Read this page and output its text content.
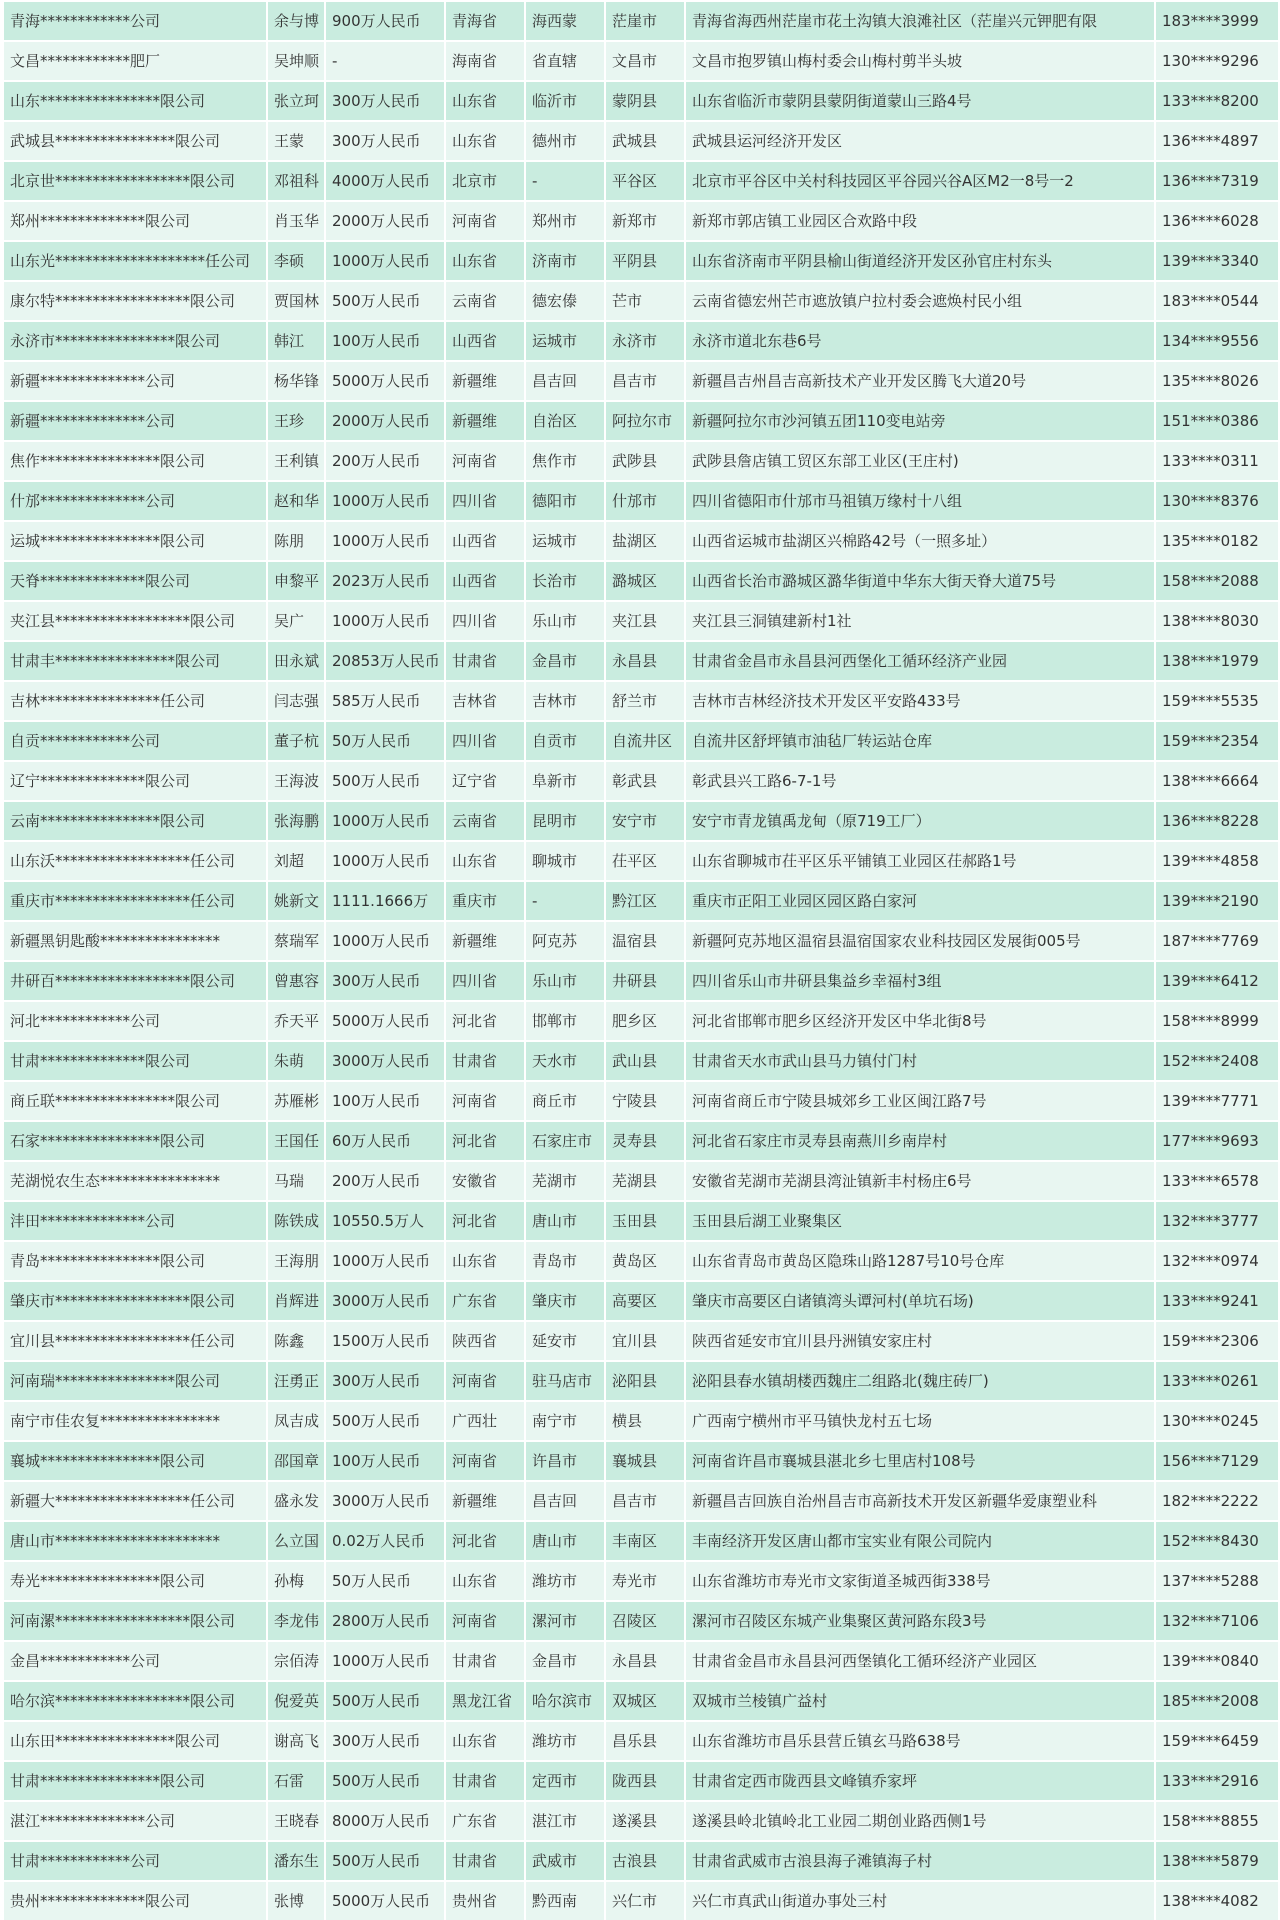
青海************公司	余与博	900万人民币	青海省	海西蒙	茫崖市	青海省海西州茫崖市花土沟镇大浪滩社区（茫崖兴元钾肥有限	183****3999
文昌************肥厂	吴坤顺	-	海南省	省直辖	文昌市	文昌市抱罗镇山梅村委会山梅村剪半头坡	130****9296
山东****************限公司	张立珂	300万人民币	山东省	临沂市	蒙阴县	山东省临沂市蒙阴县蒙阴街道蒙山三路4号	133****8200
武城县****************限公司	王蒙	300万人民币	山东省	德州市	武城县	武城县运河经济开发区	136****4897
北京世******************限公司	邓祖科	4000万人民币	北京市	-	平谷区	北京市平谷区中关村科技园区平谷园兴谷A区M2一8号一2	136****7319
郑州**************限公司	肖玉华	2000万人民币	河南省	郑州市	新郑市	新郑市郭店镇工业园区合欢路中段	136****6028
山东光********************任公司	李硕	1000万人民币	山东省	济南市	平阴县	山东省济南市平阴县榆山街道经济开发区孙官庄村东头	139****3340
康尔特******************限公司	贾国林	500万人民币	云南省	德宏傣	芒市	云南省德宏州芒市遮放镇户拉村委会遮焕村民小组	183****0544
永济市****************限公司	韩江	100万人民币	山西省	运城市	永济市	永济市道北东巷6号	134****9556
新疆**************公司	杨华锋	5000万人民币	新疆维	昌吉回	昌吉市	新疆昌吉州昌吉高新技术产业开发区腾飞大道20号	135****8026
新疆**************公司	王珍	2000万人民币	新疆维	自治区	阿拉尔市	新疆阿拉尔市沙河镇五团110变电站旁	151****0386
焦作****************限公司	王利镇	200万人民币	河南省	焦作市	武陟县	武陟县詹店镇工贸区东部工业区(王庄村)	133****0311
什邡**************公司	赵和华	1000万人民币	四川省	德阳市	什邡市	四川省德阳市什邡市马祖镇万缘村十八组	130****8376
运城****************限公司	陈朋	1000万人民币	山西省	运城市	盐湖区	山西省运城市盐湖区兴棉路42号（一照多址）	135****0182
天脊**************限公司	申黎平	2023万人民币	山西省	长治市	潞城区	山西省长治市潞城区潞华街道中华东大街天脊大道75号	158****2088
夹江县******************限公司	吴广	1000万人民币	四川省	乐山市	夹江县	夹江县三洞镇建新村1社	138****8030
甘肃丰****************限公司	田永斌	20853万人民币	甘肃省	金昌市	永昌县	甘肃省金昌市永昌县河西堡化工循环经济产业园	138****1979
吉林****************任公司	闫志强	585万人民币	吉林省	吉林市	舒兰市	吉林市吉林经济技术开发区平安路433号	159****5535
自贡************公司	董子杭	50万人民币	四川省	自贡市	自流井区	自流井区舒坪镇市油毡厂转运站仓库	159****2354
辽宁**************限公司	王海波	500万人民币	辽宁省	阜新市	彰武县	彰武县兴工路6-7-1号	138****6664
云南****************限公司	张海鹏	1000万人民币	云南省	昆明市	安宁市	安宁市青龙镇禹龙甸（原719工厂）	136****8228
山东沃******************任公司	刘超	1000万人民币	山东省	聊城市	茌平区	山东省聊城市茌平区乐平铺镇工业园区茌郝路1号	139****4858
重庆市******************任公司	姚新文	1111.1666万	重庆市	-	黔江区	重庆市正阳工业园区园区路白家河	139****2190
新疆黑钥匙酸****************	蔡瑞军	1000万人民币	新疆维	阿克苏	温宿县	新疆阿克苏地区温宿县温宿国家农业科技园区发展街005号	187****7769
井研百******************限公司	曾惠容	300万人民币	四川省	乐山市	井研县	四川省乐山市井研县集益乡幸福村3组	139****6412
河北************公司	乔天平	5000万人民币	河北省	邯郸市	肥乡区	河北省邯郸市肥乡区经济开发区中华北街8号	158****8999
甘肃**************限公司	朱萌	3000万人民币	甘肃省	天水市	武山县	甘肃省天水市武山县马力镇付门村	152****2408
商丘联****************限公司	苏雁彬	100万人民币	河南省	商丘市	宁陵县	河南省商丘市宁陵县城郊乡工业区闽江路7号	139****7771
石家****************限公司	王国任	60万人民币	河北省	石家庄市	灵寿县	河北省石家庄市灵寿县南燕川乡南岸村	177****9693
芜湖悦农生态****************	马瑞	200万人民币	安徽省	芜湖市	芜湖县	安徽省芜湖市芜湖县湾沚镇新丰村杨庄6号	133****6578
沣田**************公司	陈铁成	10550.5万人	河北省	唐山市	玉田县	玉田县后湖工业聚集区	132****3777
青岛****************限公司	王海朋	1000万人民币	山东省	青岛市	黄岛区	山东省青岛市黄岛区隐珠山路1287号10号仓库	132****0974
肇庆市******************限公司	肖辉进	3000万人民币	广东省	肇庆市	高要区	肇庆市高要区白诸镇湾头谭河村(单坑石场)	133****9241
宜川县******************任公司	陈鑫	1500万人民币	陕西省	延安市	宜川县	陕西省延安市宜川县丹洲镇安家庄村	159****2306
河南瑞****************限公司	汪勇正	300万人民币	河南省	驻马店市	泌阳县	泌阳县春水镇胡楼西魏庄二组路北(魏庄砖厂)	133****0261
南宁市佳农复****************	凤吉成	500万人民币	广西壮	南宁市	横县	广西南宁横州市平马镇快龙村五七场	130****0245
襄城****************限公司	邵国章	100万人民币	河南省	许昌市	襄城县	河南省许昌市襄城县湛北乡七里店村108号	156****7129
新疆大******************任公司	盛永发	3000万人民币	新疆维	昌吉回	昌吉市	新疆昌吉回族自治州昌吉市高新技术开发区新疆华爱康塑业科	182****2222
唐山市**********************	么立国	0.02万人民币	河北省	唐山市	丰南区	丰南经济开发区唐山都市宝实业有限公司院内	152****8430
寿光****************限公司	孙梅	50万人民币	山东省	潍坊市	寿光市	山东省潍坊市寿光市文家街道圣城西街338号	137****5288
河南漯******************限公司	李龙伟	2800万人民币	河南省	漯河市	召陵区	漯河市召陵区东城产业集聚区黄河路东段3号	132****7106
金昌************公司	宗佰涛	1000万人民币	甘肃省	金昌市	永昌县	甘肃省金昌市永昌县河西堡镇化工循环经济产业园区	139****0840
哈尔滨******************限公司	倪爱英	500万人民币	黑龙江省	哈尔滨市	双城区	双城市兰棱镇广益村	185****2008
山东田****************限公司	谢高飞	300万人民币	山东省	潍坊市	昌乐县	山东省潍坊市昌乐县营丘镇玄马路638号	159****6459
甘肃****************限公司	石雷	500万人民币	甘肃省	定西市	陇西县	甘肃省定西市陇西县文峰镇乔家坪	133****2916
湛江**************公司	王晓春	8000万人民币	广东省	湛江市	遂溪县	遂溪县岭北镇岭北工业园二期创业路西侧1号	158****8855
甘肃************公司	潘东生	500万人民币	甘肃省	武威市	古浪县	甘肃省武威市古浪县海子滩镇海子村	138****5879
贵州**************限公司	张博	5000万人民币	贵州省	黔西南	兴仁市	兴仁市真武山街道办事处三村	138****4082
